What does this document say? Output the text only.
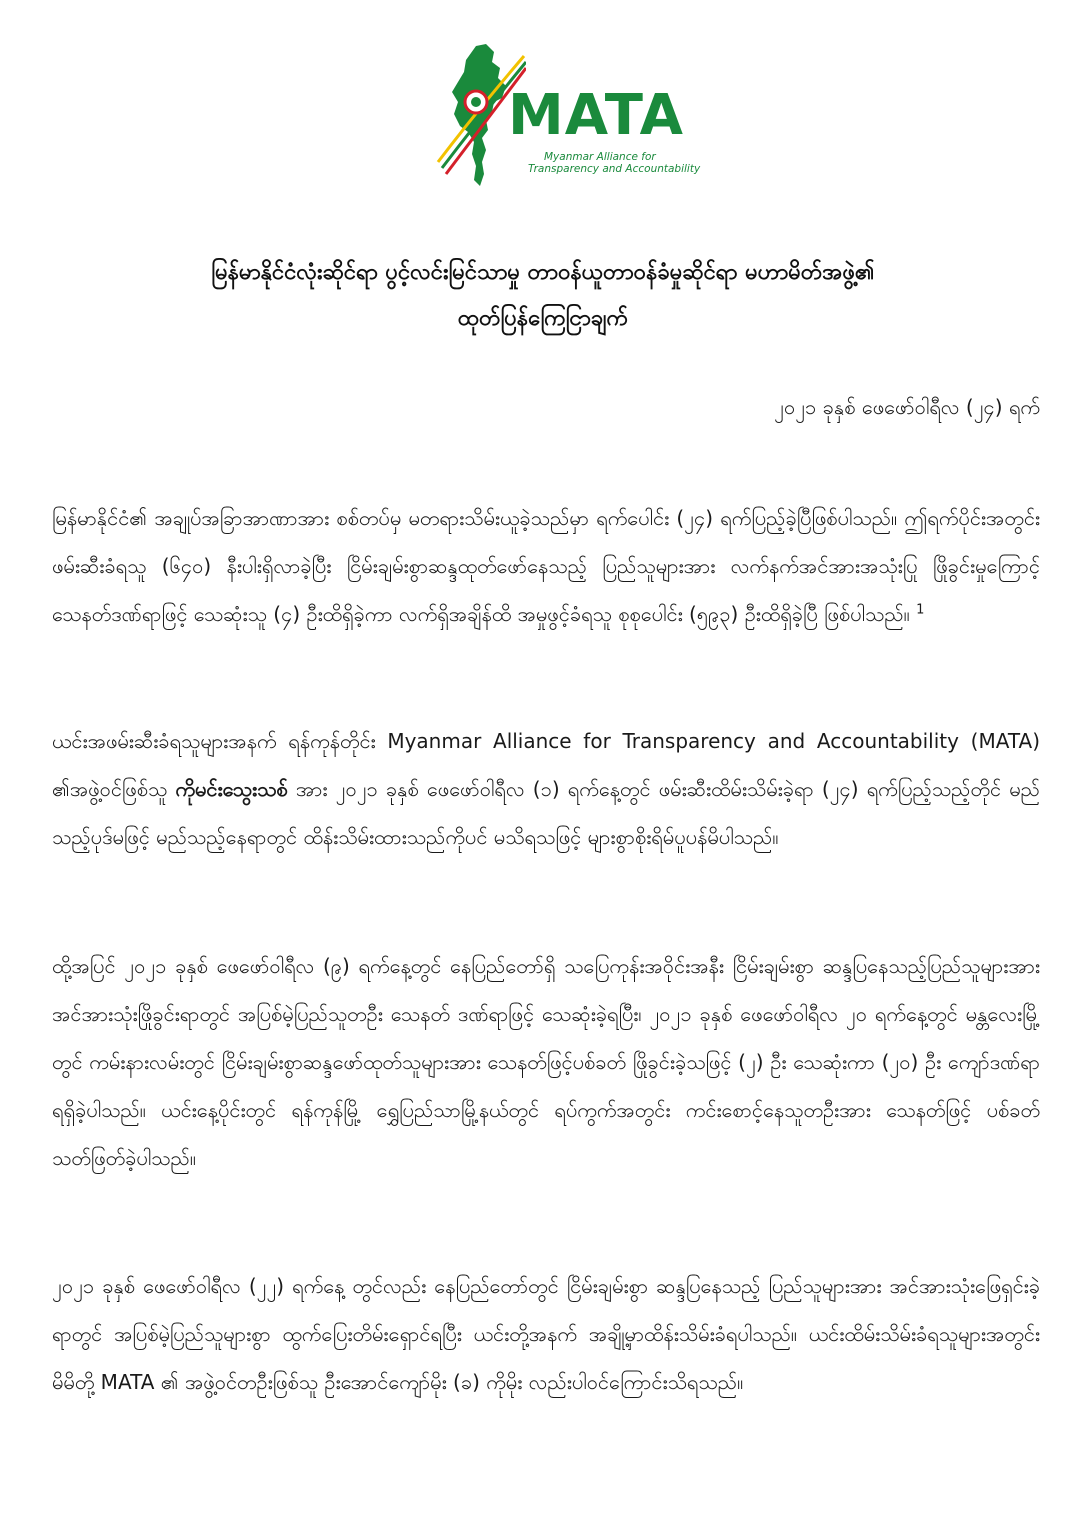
MATA
Myanmar Alliance for
Transparency and Accountability
မြန်မာနိုင်ငံလုံးဆိုင်ရာ ပွင့်လင်းမြင်သာမှု တာဝန်ယူတာဝန်ခံမှုဆိုင်ရာ မဟာမိတ်အဖွဲ့၏
ထုတ်ပြန်ကြေငြာချက်
၂၀၂၁ ခုနှစ် ဖေဖော်ဝါရီလ (၂၄) ရက်
မြန်မာနိုင်ငံ၏ အချုပ်အခြာအာဏာအား စစ်တပ်မှ မတရားသိမ်းယူခဲ့သည်မှာ ရက်ပေါင်း (၂၄) ရက်ပြည့်ခဲ့ပြီဖြစ်ပါသည်။ ဤရက်ပိုင်းအတွင်း ဖမ်းဆီးခံရသူ (၆၄၀) နီးပါးရှိလာခဲ့ပြီး ငြိမ်းချမ်းစွာဆန္ဒထုတ်ဖော်နေသည့် ပြည်သူများအား လက်နက်အင်အားအသုံးပြု ဖြိုခွင်းမှုကြောင့် သေနတ်ဒဏ်ရာဖြင့် သေဆုံးသူ (၄) ဦးထိရှိခဲ့ကာ လက်ရှိအချိန်ထိ အမှုဖွင့်ခံရသူ စုစုပေါင်း (၅၉၃) ဦးထိရှိခဲ့ပြီ ဖြစ်ပါသည်။ $^1$
ယင်းအဖမ်းဆီးခံရသူများအနက် ရန်ကုန်တိုင်း Myanmar Alliance for Transparency and Accountability (MATA) ၏အဖွဲ့ဝင်ဖြစ်သူ ကိုမင်းသွေးသစ် အား ၂၀၂၁ ခုနှစ် ဖေဖော်ဝါရီလ (၁) ရက်နေ့တွင် ဖမ်းဆီးထိမ်းသိမ်းခဲ့ရာ (၂၄) ရက်ပြည့်သည့်တိုင် မည်သည့်ပုဒ်မဖြင့် မည်သည့်နေရာတွင် ထိန်းသိမ်းထားသည်ကိုပင် မသိရသဖြင့် များစွာစိုးရိမ်ပူပန်မိပါသည်။
ထို့အပြင် ၂၀၂၁ ခုနှစ် ဖေဖော်ဝါရီလ (၉) ရက်နေ့တွင် နေပြည်တော်ရှိ သပြေကုန်းအဝိုင်းအနီး ငြိမ်းချမ်းစွာ ဆန္ဒပြနေသည့်ပြည်သူများအား အင်အားသုံးဖြိုခွင်းရာတွင် အပြစ်မဲ့ပြည်သူတဦး သေနတ် ဒဏ်ရာဖြင့် သေဆုံးခဲ့ရပြီး၊ ၂၀၂၁ ခုနှစ် ဖေဖော်ဝါရီလ ၂၀ ရက်နေ့တွင် မန္တလေးမြို့တွင် ကမ်းနားလမ်းတွင် ငြိမ်းချမ်းစွာဆန္ဒဖော်ထုတ်သူများအား သေနတ်ဖြင့်ပစ်ခတ် ဖြိုခွင်းခဲ့သဖြင့် (၂) ဦး သေဆုံးကာ (၂၀) ဦး ကျော်ဒဏ်ရာရရှိခဲ့ပါသည်။ ယင်းနေ့ပိုင်းတွင် ရန်ကုန်မြို့ ရွှေပြည်သာမြို့နယ်တွင် ရပ်ကွက်အတွင်း ကင်းစောင့်နေသူတဦးအား သေနတ်ဖြင့် ပစ်ခတ်သတ်ဖြတ်ခဲ့ပါသည်။
၂၀၂၁ ခုနှစ် ဖေဖော်ဝါရီလ (၂၂) ရက်နေ့ တွင်လည်း နေပြည်တော်တွင် ငြိမ်းချမ်းစွာ ဆန္ဒပြနေသည့် ပြည်သူများအား အင်အားသုံးဖြေရှင်းခဲ့ရာတွင် အပြစ်မဲ့ပြည်သူများစွာ ထွက်ပြေးတိမ်းရှောင်ရပြီး ယင်းတို့အနက် အချို့မှာထိန်းသိမ်းခံရပါသည်။ ယင်းထိမ်းသိမ်းခံရသူများအတွင်း မိမိတို့ MATA ၏ အဖွဲ့ဝင်တဦးဖြစ်သူ ဦးအောင်ကျော်မိုး (ခ) ကိုမိုး လည်းပါဝင်ကြောင်းသိရသည်။
